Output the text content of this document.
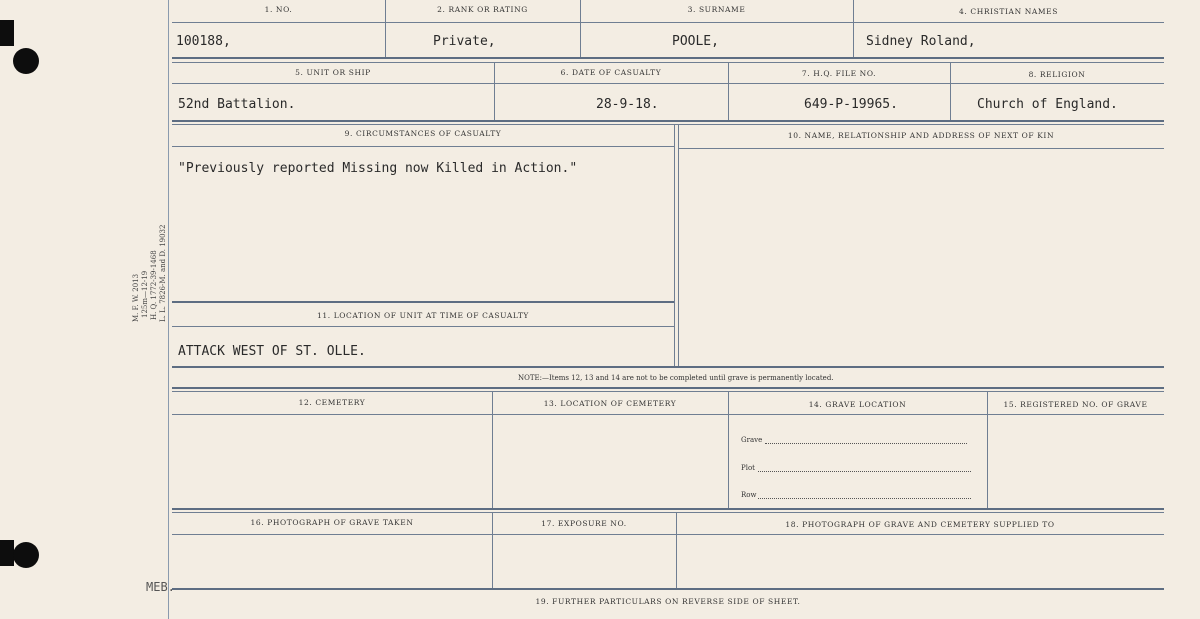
M. F. W. 2013 125m—12-19 H. Q. 1772-39-1468 L. L. 7826-M. and D. 19032
1. NO.	2. RANK OR RATING	3. SURNAME	4. CHRISTIAN NAMES
100188,	Private,	POOLE,	Sidney Roland,
5. UNIT OR SHIP	6. DATE OF CASUALTY	7. H.Q. FILE NO.	8. RELIGION
52nd Battalion.	28-9-18.	649-P-19965.	Church of England.
9. CIRCUMSTANCES OF CASUALTY	10. NAME, RELATIONSHIP AND ADDRESS OF NEXT OF KIN
"Previously reported Missing now Killed in Action."
11. LOCATION OF UNIT AT TIME OF CASUALTY
ATTACK WEST OF ST. OLLE.
NOTE:—Items 12, 13 and 14 are not to be completed until grave is permanently located.
12. CEMETERY	13. LOCATION OF CEMETERY	14. GRAVE LOCATION	15. REGISTERED NO. OF GRAVE
Grave
Plot
Row
16. PHOTOGRAPH OF GRAVE TAKEN	17. EXPOSURE NO.	18. PHOTOGRAPH OF GRAVE AND CEMETERY SUPPLIED TO
MEB.
19. FURTHER PARTICULARS ON REVERSE SIDE OF SHEET.
